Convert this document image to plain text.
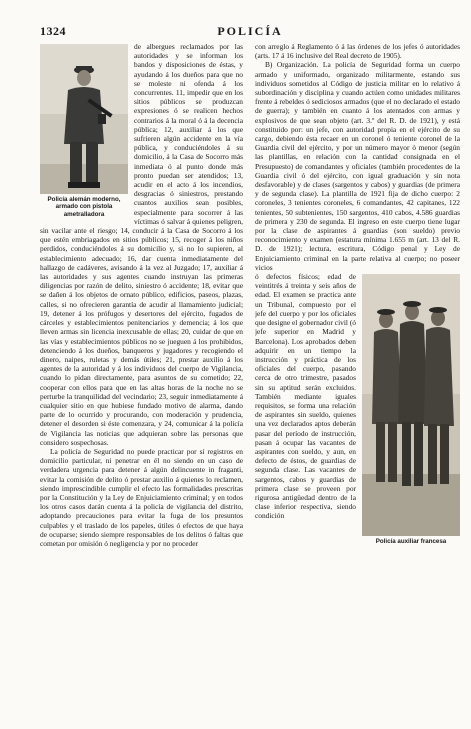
1324	POLICÍA
Policía alemán moderno, armado con pistola ametralladora

de albergues reclamados por las autoridades y se informan los bandos y disposiciones de éstas, y ayudando á los dueños para que no se moleste ni ofenda á los concurrentes. 11, impedir que en los sitios públicos se produzcan expresiones ó se realicen hechos contrarios á la moral ó á la decencia pública; 12, auxiliar á los que sufrieren algún accidente en la vía pública, y conduciéndoles á su domicilio, á la Casa de Socorro más inmediata ó al punto donde más pronto puedan ser atendidos; 13, acudir en el acto á los incendios, desgracias ó siniestros, prestando cuantos auxilios sean posibles, especialmente para socorrer á las víctimas ó salvar á quienes peligren, sin vacilar ante el riesgo; 14, conducir á la Casa de Socorro á los que estén embriagados en sitios públicos; 15, recoger á los niños perdidos, conduciéndoles á su domicilio y, si no lo supieren, al establecimiento adecuado; 16, dar cuenta inmediatamente del hallazgo de cadáveres, avisando á la vez al Juzgado; 17, auxiliar á las autoridades y sus agentes cuando instruyan las primeras diligencias por razón de delito, siniestro ó accidente; 18, evitar que se dañen á los objetos de ornato público, edificios, paseos, plazas, calles, si no ofrecieren garantía de acudir al llamamiento judicial; 19, detener á los prófugos y desertores del ejército, fugados de cárceles y establecimientos penitenciarios y demencia; á los que lleven armas sin licencia inexcusable de ellas; 20, cuidar de que en las vías y establecimientos públicos no se jueguen á los prohibidos, detenciendo á los dueños, banqueros y jugadores y recogiendo el dinero, naipes, ruletas y demás útiles; 21, prestar auxilio á los agentes de la autoridad y á los individuos del cuerpo de Vigilancia, cuando lo pidan directamente, para asuntos de su cometido; 22, cooperar con ellos para que en las altas horas de la noche no se perturbe la tranquilidad del vecindario; 23, seguir inmediatamente á cualquier sitio en que hubiese fundado motivo de alarma, dando parte de lo ocurrido y procurando, con moderación y prudencia, detener el desorden si éste comenzara, y 24, comunicar á la policía de Vigilancia las noticias que adquieran sobre las personas que considero sospechosas.

La policía de Seguridad no puede practicar por sí registros en domicilio particular, ni penetrar en él no siendo en un caso de verdadera urgencia para detener á algún delincuente in fraganti, evitar la comisión de delito ó prestar auxilio á quienes lo reclamen, siendo imprescindible cumplir el efecto las formalidades prescritas por la Constitución y la Ley de Enjuiciamiento criminal; y en todos los otros casos darán cuenta á la policía de vigilancia del distrito, adoptando precauciones para evitar la fuga de los presuntos culpables y el traslado de los papeles, útiles ó efectos de que haya de ocuparse; siendo siempre responsables de los delitos ó faltas que cometan por omisión ó negligencia y por no proceder

con arreglo á Reglamento ó á las órdenes de los jefes ó autoridades (arts. 17 á 16 inclusive del Real decreto de 1905).

B) Organización. La policía de Seguridad forma un cuerpo armado y uniformado, organizado militarmente, estando sus individuos sometidos al Código de justicia militar en lo relativo á subordinación y disciplina y cuando actúen como unidades militares frente á rebeldes ó sediciosos armados (que el no declarado el estado de guerra); y también en cuanto á los atentados con armas y explosivos de que sean objeto (art. 3.º del R. D. de 1921), y está constituido por: un jefe, con autoridad propia en el ejército de su cargo, debiendo ésta recaer en un coronel ó teniente coronel de la Guardia civil del ejército, y por un número mayor ó menor (según las plantillas, en relación con la cantidad consignada en el Presupuesto) de comandantes y oficiales (también procedentes de la Guardia civil ó del ejército, con igual graduación y sin nota desfavorable) y de clases (sargentos y cabos) y guardias (de primera y de segunda clase). La plantilla de 1921 fija de dicho cuerpo: 2 coroneles, 3 tenientes coroneles, 6 comandantes, 42 capitanes, 122 tenientes, 50 subtenientes, 150 sargentos, 410 cabos, 4.586 guardias de primera y 230 de segunda. El ingreso en este cuerpo tiene lugar por la clase de aspirantes á guardias (son sueldo) previo reconocimiento y examen (estatura mínima 1.655 m (art. 13 del R. D. de 1921); lectura, escritura, Código penal y Ley de Enjuiciamiento criminal en la parte relativa al cuerpo; no poseer vicios

Policía auxiliar francesa

ó defectos físicos; edad de veintitrés á treinta y seis años de edad. El examen se practica ante un Tribunal, compuesto por el jefe del cuerpo y por los oficiales que designe el gobernador civil (ó jefe superior en Madrid y Barcelona). Los aprobados deben adquirir en un tiempo la instrucción y práctica de los oficiales del cuerpo, pasando cerca de otro trimestre, pasados sin su aptitud serán excluidos. También mediante iguales requisitos, se forma una relación de aspirantes sin sueldo, quienes una vez declarados aptos deberán pasar del período de instrucción, pasan á ocupar las vacantes de aspirantes con sueldo, y aun, en defecto de éstos, de guardias de segunda clase. Las vacantes de sargentos, cabos y guardias de primera clase se proveen por rigurosa antigüedad dentro de la clase inferior respectiva, siendo condición
